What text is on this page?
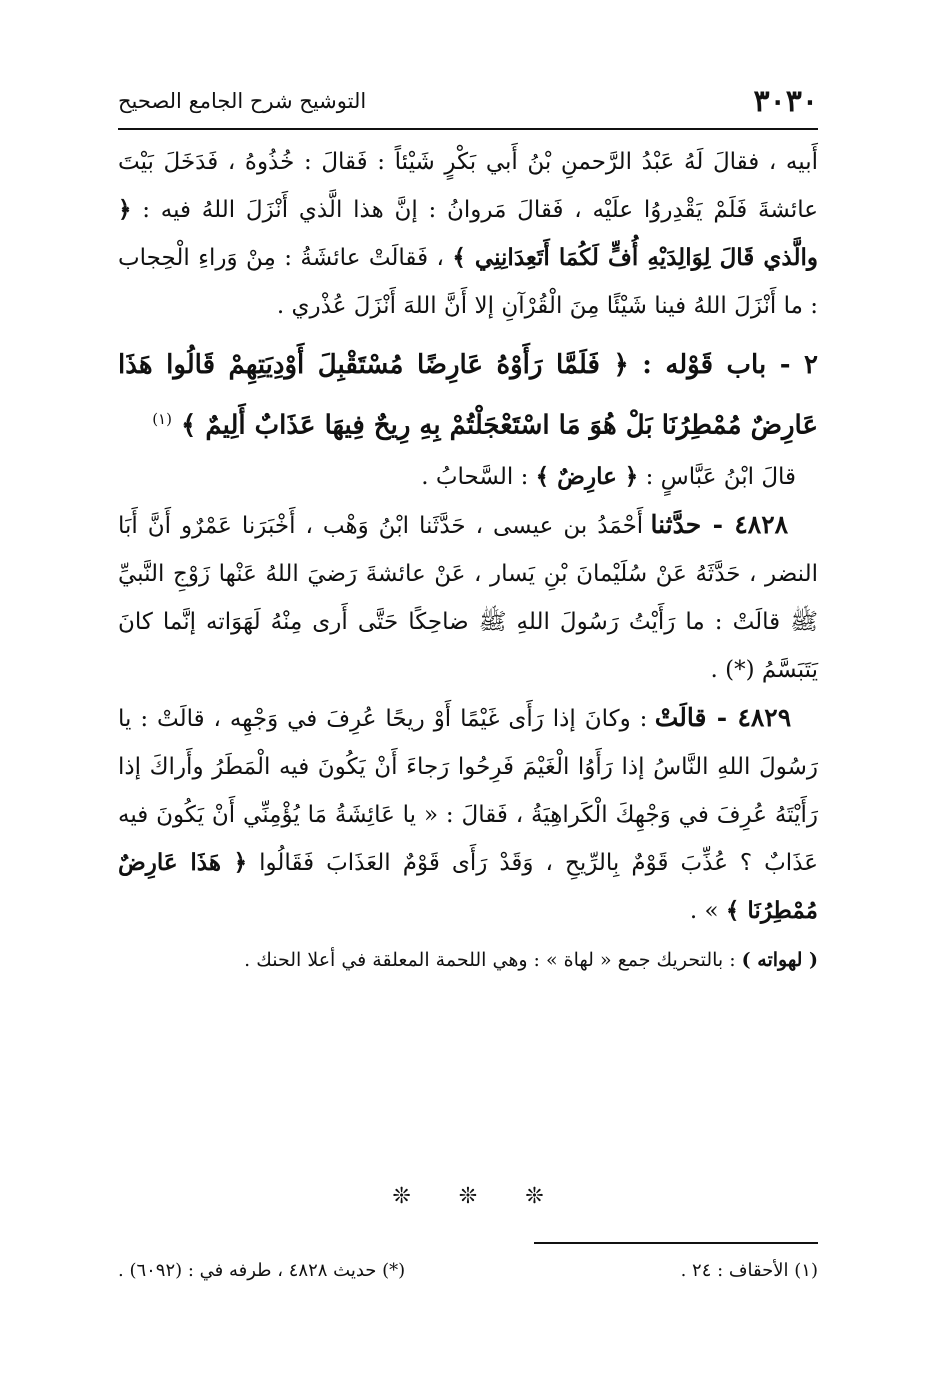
٣٠٣٠
التوشيح شرح الجامع الصحيح

أَبيه ، فقالَ لَهُ عَبْدُ الرَّحمنِ بْنُ أَبي بَكْرٍ شَيْئاً : فَقالَ : خُذُوهُ ، فَدَخَلَ بَيْتَ عائشةَ فَلَمْ يَقْدِروُا علَيْه ، فَقالَ مَروانُ : إنَّ هذا الَّذي أَنْزَلَ اللهُ فيه : ﴿ والَّذي قَالَ لِوَالِدَيْهِ أُفٍّ لَكُمَا أَتَعِدَانِنِي ﴾ ، فَقالَتْ عائشَةُ : مِنْ وَراءِ الْحِجاب : ما أَنْزَلَ اللهُ فينا شَيْئًا مِنَ الْقُرْآنِ إلا أَنَّ اللهَ أَنْزَلَ عُذْري .

٢ - باب قَوْله : ﴿ فَلَمَّا رَأَوْهُ عَارِضًا مُسْتَقْبِلَ أَوْدِيَتِهِمْ قَالُوا هَذَا عَارِضٌ مُمْطِرُنَا بَلْ هُوَ مَا اسْتَعْجَلْتُمْ بِهِ رِيحٌ فِيهَا عَذَابٌ أَلِيمٌ ﴾ $^{(١)}$

قالَ ابْنُ عَبَّاسٍ : ﴿ عارِضٌ ﴾ : السَّحابُ .

٤٨٢٨ - حدَّثنا أَحْمَدُ بن عيسى ، حَدَّثَنا ابْنُ وَهْب ، أَخْبَرَنا عَمْرٌو أَنَّ أَبَا النضر ، حَدَّثَهُ عَنْ سُلَيْمانَ بْنِ يَسار ، عَنْ عائشةَ رَضيَ اللهُ عَنْها زَوْجِ النَّبيِّ ﷺ قالَتْ : ما رَأَيْتُ رَسُولَ اللهِ ﷺ ضاحِكًا حَتَّى أَرى مِنْهُ لَهَوَاته إنَّما كانَ يَتَبَسَّمُ (*) .

٤٨٢٩ - قالَتْ : وكانَ إذا رَأَى غَيْمًا أَوْ ريحًا عُرِفَ في وَجْهِه ، قالَتْ : يا رَسُولَ اللهِ النَّاسُ إذا رَأَوُا الْغَيْمَ فَرِحُوا رَجاءَ أَنْ يَكُونَ فيه الْمَطَرُ وأَراكَ إذا رَأَيْتَهُ عُرِفَ في وَجْهِكَ الْكَراهِيَةُ ، فَقالَ : « يا عَائِشَةُ مَا يُؤْمِنِّي أَنْ يَكُونَ فيه عَذَابٌ ؟ عُذِّبَ قَوْمٌ بِالرِّيحِ ، وَقَدْ رَأَى قَوْمٌ العَذَابَ فَقَالُوا ﴿ هَذَا عَارِضٌ مُمْطِرُنَا ﴾ » .

( لهواته ) : بالتحريك جمع « لهاة » : وهي اللحمة المعلقة في أعلا الحنك .

❊
❊
❊
(١) الأحقاف : ٢٤ .
(*) حديث ٤٨٢٨ ، طرفه في : (٦٠٩٢) .
